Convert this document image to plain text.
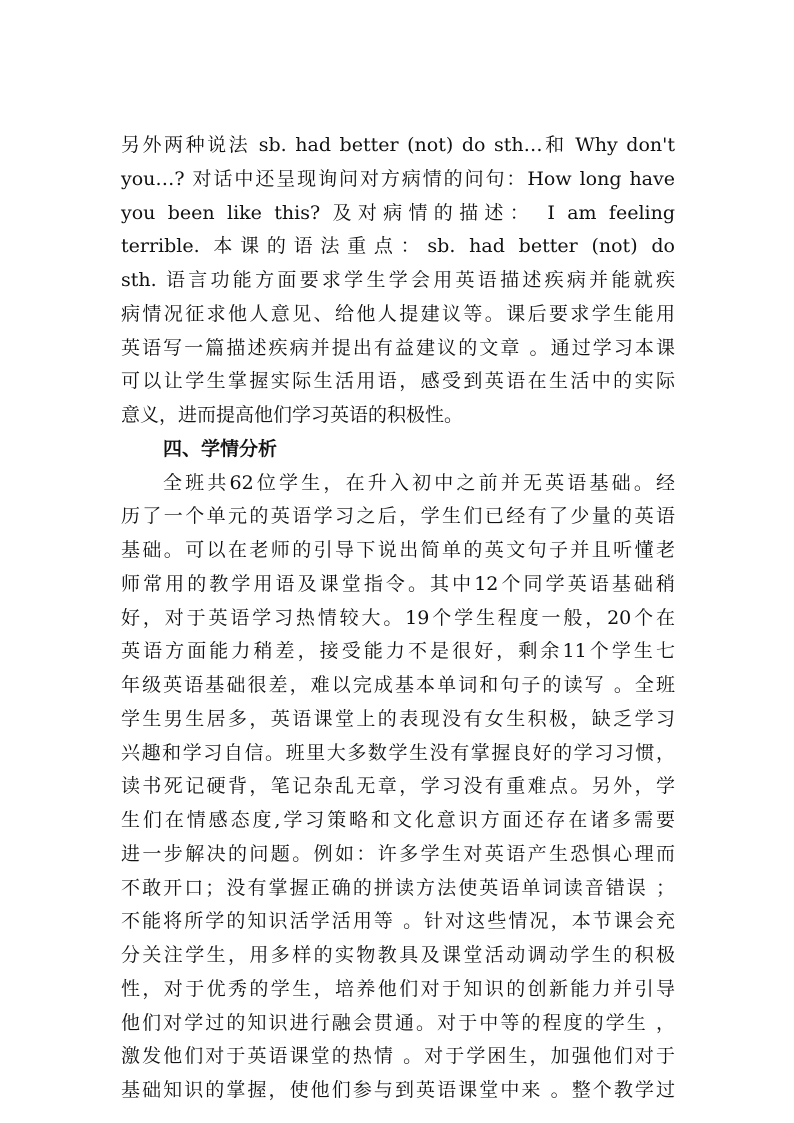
另外两种说法 sb. had better (not) do sth…和 Why don't
you…? 对话中还呈现询问对方病情的问句：How long have
you been like this? 及对病情的描述： I am feeling
terrible. 本课的语法重点：sb. had better (not) do
sth. 语言功能方面要求学生学会用英语描述疾病并能就疾
病情况征求他人意见、给他人提建议等。课后要求学生能用
英语写一篇描述疾病并提出有益建议的文章 。通过学习本课
可以让学生掌握实际生活用语，感受到英语在生活中的实际
意义，进而提高他们学习英语的积极性。
四、学情分析
全班共62位学生，在升入初中之前并无英语基础。经
历了一个单元的英语学习之后，学生们已经有了少量的英语
基础。可以在老师的引导下说出简单的英文句子并且听懂老
师常用的教学用语及课堂指令。其中12个同学英语基础稍
好，对于英语学习热情较大。19个学生程度一般，20个在
英语方面能力稍差，接受能力不是很好，剩余11个学生七
年级英语基础很差，难以完成基本单词和句子的读写 。全班
学生男生居多，英语课堂上的表现没有女生积极，缺乏学习
兴趣和学习自信。班里大多数学生没有掌握良好的学习习惯，
读书死记硬背，笔记杂乱无章，学习没有重难点。另外，学
生们在情感态度,学习策略和文化意识方面还存在诸多需要
进一步解决的问题。例如：许多学生对英语产生恐惧心理而
不敢开口；没有掌握正确的拼读方法使英语单词读音错误 ；
不能将所学的知识活学活用等 。针对这些情况，本节课会充
分关注学生，用多样的实物教具及课堂活动调动学生的积极
性，对于优秀的学生，培养他们对于知识的创新能力并引导
他们对学过的知识进行融会贯通。对于中等的程度的学生 ，
激发他们对于英语课堂的热情 。对于学困生，加强他们对于
基础知识的掌握，使他们参与到英语课堂中来 。整个教学过
